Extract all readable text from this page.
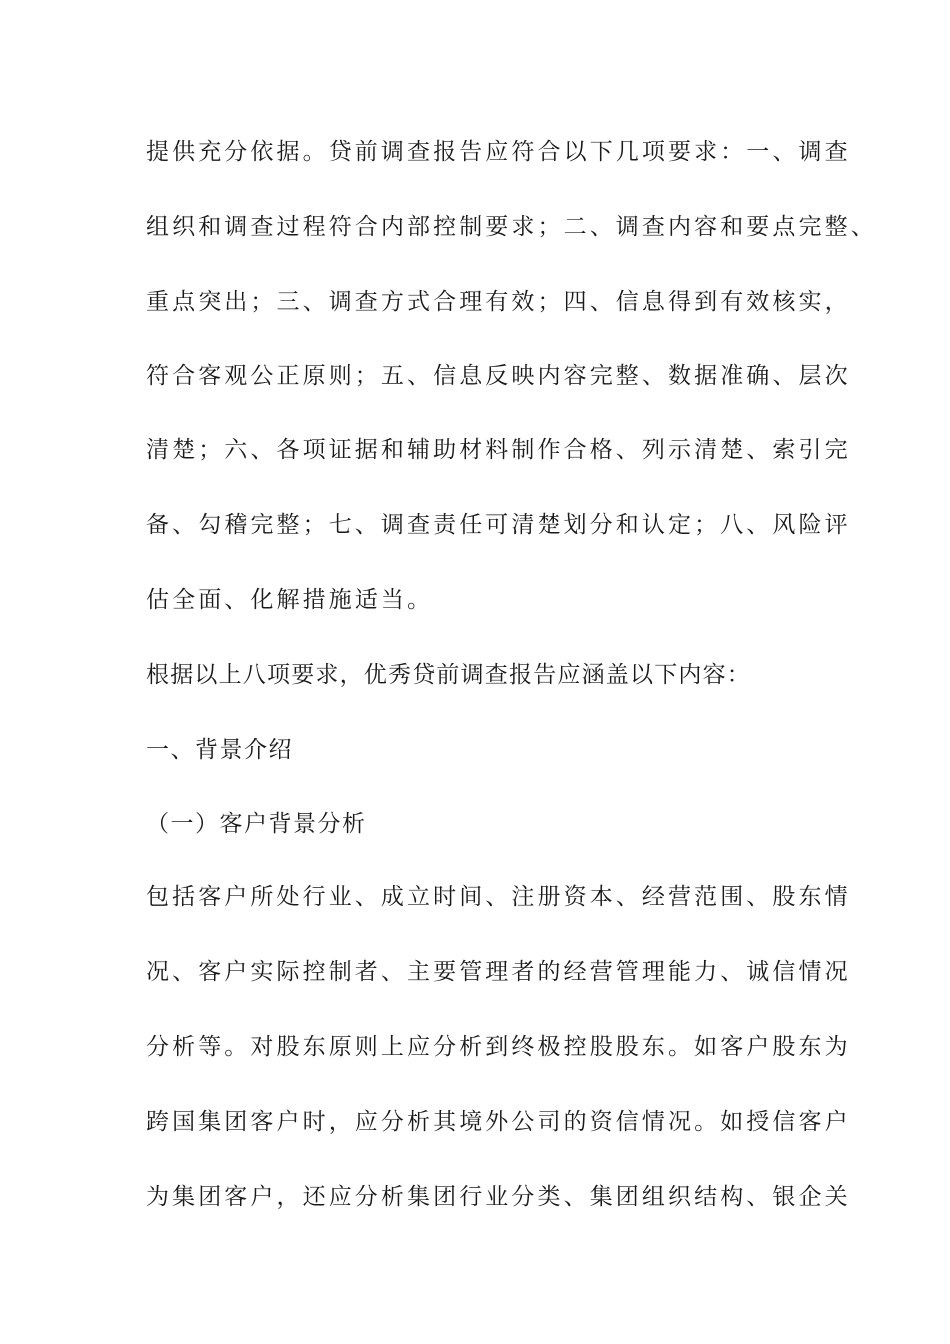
提供充分依据。贷前调查报告应符合以下几项要求：一、调查
组织和调查过程符合内部控制要求；二、调查内容和要点完整、
重点突出；三、调查方式合理有效；四、信息得到有效核实，
符合客观公正原则；五、信息反映内容完整、数据准确、层次
清楚；六、各项证据和辅助材料制作合格、列示清楚、索引完
备、勾稽完整；七、调查责任可清楚划分和认定；八、风险评
估全面、化解措施适当。
根据以上八项要求，优秀贷前调查报告应涵盖以下内容：
一、背景介绍
（一）客户背景分析
包括客户所处行业、成立时间、注册资本、经营范围、股东情
况、客户实际控制者、主要管理者的经营管理能力、诚信情况
分析等。对股东原则上应分析到终极控股股东。如客户股东为
跨国集团客户时，应分析其境外公司的资信情况。如授信客户
为集团客户，还应分析集团行业分类、集团组织结构、银企关
